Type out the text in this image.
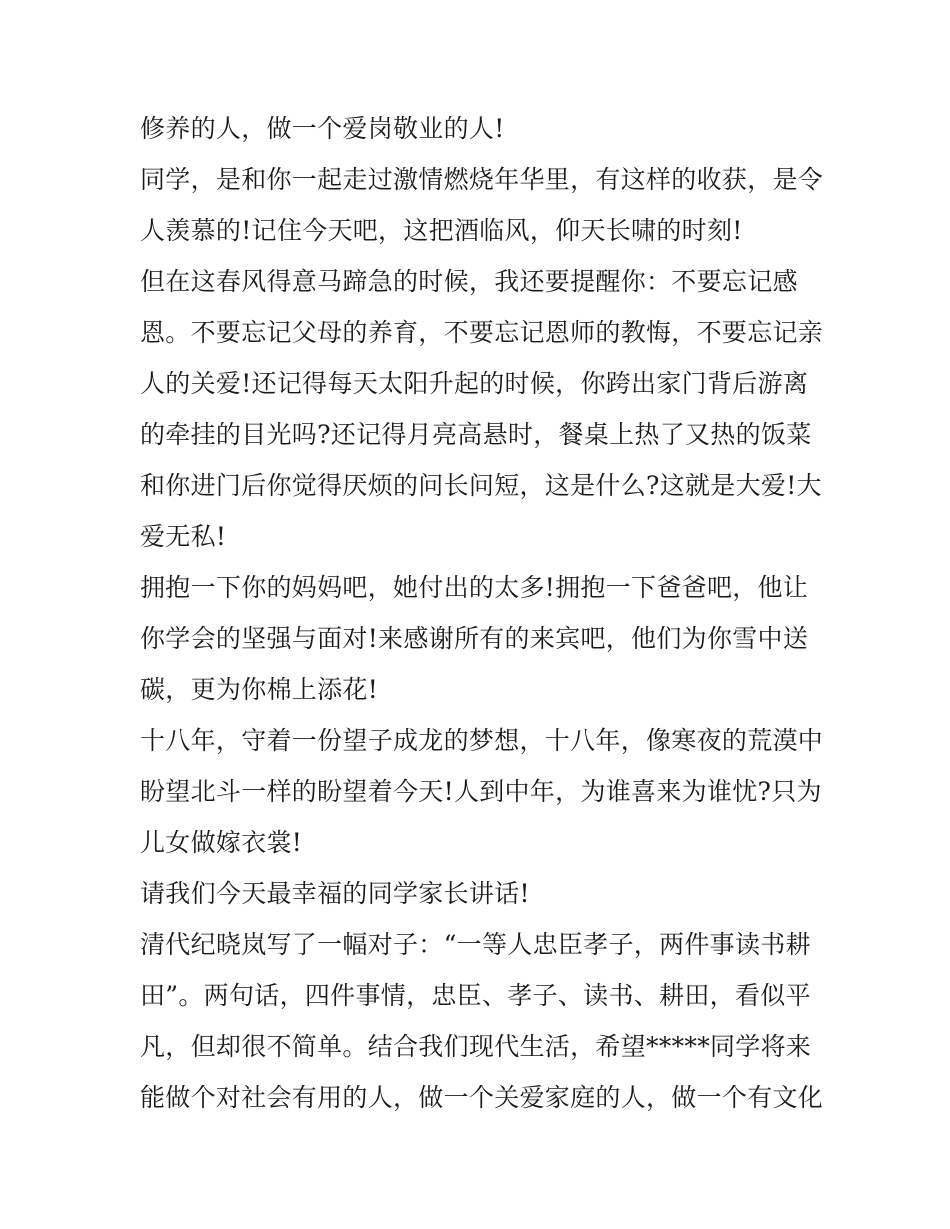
修养的人，做一个爱岗敬业的人!
同学，是和你一起走过激情燃烧年华里，有这样的收获，是令
人羡慕的!记住今天吧，这把酒临风，仰天长啸的时刻!
但在这春风得意马蹄急的时候，我还要提醒你：不要忘记感
恩。不要忘记父母的养育，不要忘记恩师的教悔，不要忘记亲
人的关爱!还记得每天太阳升起的时候，你跨出家门背后游离
的牵挂的目光吗?还记得月亮高悬时，餐桌上热了又热的饭菜
和你进门后你觉得厌烦的问长问短，这是什么?这就是大爱!大
爱无私!
拥抱一下你的妈妈吧，她付出的太多!拥抱一下爸爸吧，他让
你学会的坚强与面对!来感谢所有的来宾吧，他们为你雪中送
碳，更为你棉上添花!
十八年，守着一份望子成龙的梦想，十八年，像寒夜的荒漠中
盼望北斗一样的盼望着今天!人到中年，为谁喜来为谁忧?只为
儿女做嫁衣裳!
请我们今天最幸福的同学家长讲话!
清代纪晓岚写了一幅对子：“一等人忠臣孝子，两件事读书耕
田”。两句话，四件事情，忠臣、孝子、读书、耕田，看似平
凡，但却很不简单。结合我们现代生活，希望*****同学将来
能做个对社会有用的人，做一个关爱家庭的人，做一个有文化
